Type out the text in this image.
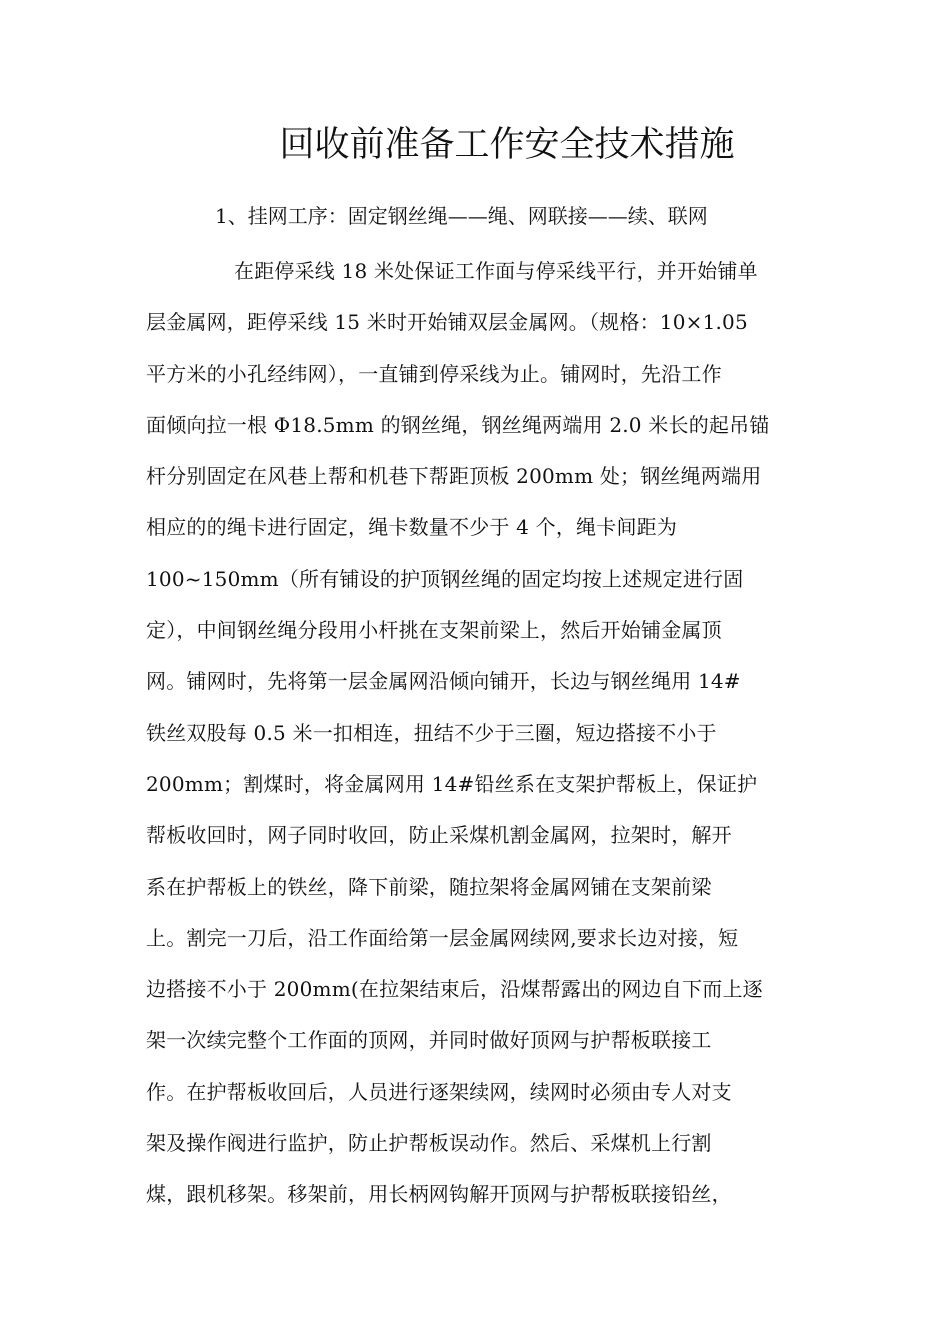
回收前准备工作安全技术措施

1、挂网工序：固定钢丝绳——绳、网联接——续、联网

在距停采线 18 米处保证工作面与停采线平行，并开始铺单
层金属网，距停采线 15 米时开始铺双层金属网。（规格：10×1.05
平方米的小孔经纬网），一直铺到停采线为止。铺网时，先沿工作
面倾向拉一根 Φ18.5mm 的钢丝绳，钢丝绳两端用 2.0 米长的起吊锚
杆分别固定在风巷上帮和机巷下帮距顶板 200mm 处；钢丝绳两端用
相应的的绳卡进行固定，绳卡数量不少于 4 个，绳卡间距为
100~150mm（所有铺设的护顶钢丝绳的固定均按上述规定进行固
定），中间钢丝绳分段用小杆挑在支架前梁上，然后开始铺金属顶
网。铺网时，先将第一层金属网沿倾向铺开，长边与钢丝绳用 14#
铁丝双股每 0.5 米一扣相连，扭结不少于三圈，短边搭接不小于
200mm；割煤时，将金属网用 14#铅丝系在支架护帮板上，保证护
帮板收回时，网子同时收回，防止采煤机割金属网，拉架时，解开
系在护帮板上的铁丝，降下前梁，随拉架将金属网铺在支架前梁
上。割完一刀后，沿工作面给第一层金属网续网,要求长边对接，短
边搭接不小于 200mm(在拉架结束后，沿煤帮露出的网边自下而上逐
架一次续完整个工作面的顶网，并同时做好顶网与护帮板联接工
作。在护帮板收回后，人员进行逐架续网，续网时必须由专人对支
架及操作阀进行监护，防止护帮板误动作。然后、采煤机上行割
煤，跟机移架。移架前，用长柄网钩解开顶网与护帮板联接铅丝，
